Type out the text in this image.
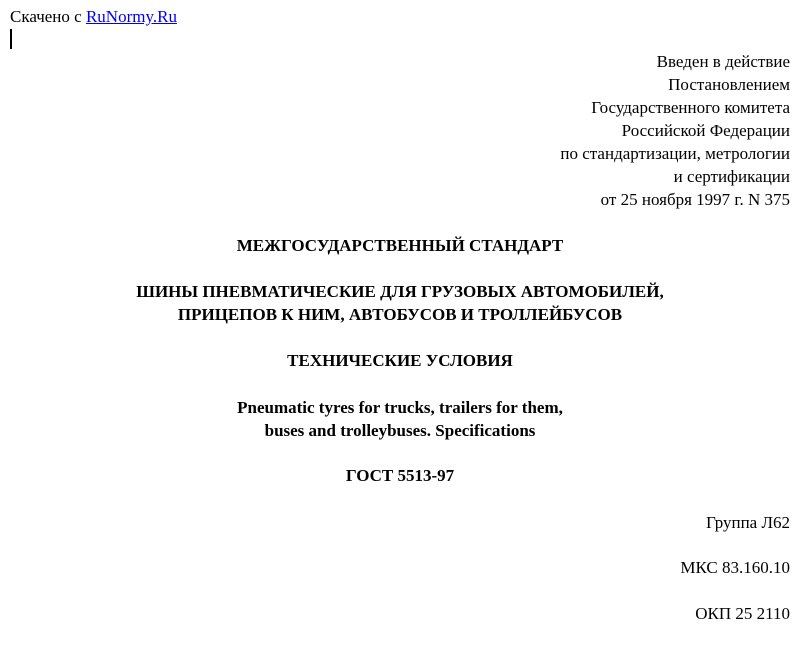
Скачено с RuNormy.Ru
Введен в действие
Постановлением
Государственного комитета
Российской Федерации
по стандартизации, метрологии
и сертификации
от 25 ноября 1997 г. N 375
МЕЖГОСУДАРСТВЕННЫЙ СТАНДАРТ
ШИНЫ ПНЕВМАТИЧЕСКИЕ ДЛЯ ГРУЗОВЫХ АВТОМОБИЛЕЙ,
ПРИЦЕПОВ К НИМ, АВТОБУСОВ И ТРОЛЛЕЙБУСОВ
ТЕХНИЧЕСКИЕ УСЛОВИЯ
Pneumatic tyres for trucks, trailers for them,
buses and trolleybuses. Specifications
ГОСТ 5513-97
Группа Л62
МКС 83.160.10
ОКП 25 2110
